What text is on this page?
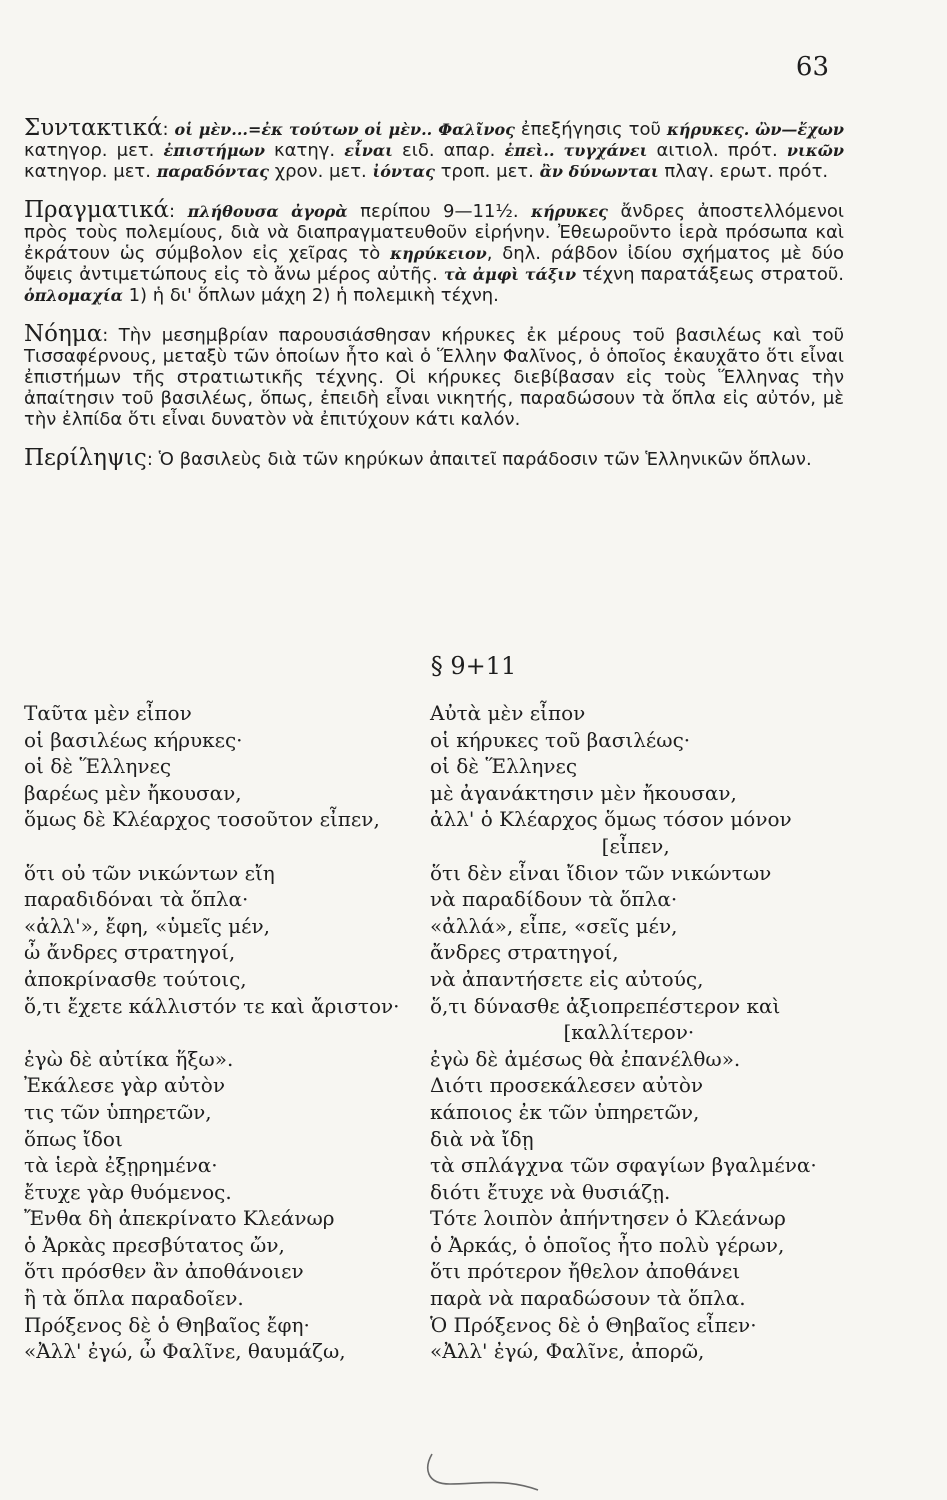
63

Συντακτικά: οἱ μὲν...=ἐκ τούτων οἱ μὲν.. Φαλῖνος ἐπεξήγησις τοῦ κήρυκες. ὢν—ἔχων κατηγορ. μετ. ἐπιστήμων κατηγ. εἶναι ειδ. απαρ. ἐπεὶ.. τυγχάνει αιτιολ. πρότ. νικῶν κατηγορ. μετ. παραδόντας χρον. μετ. ἰόντας τροπ. μετ. ἂν δύνωνται πλαγ. ερωτ. πρότ.

Πραγματικά: πλήθουσα ἀγορὰ περίπου 9—11½. κήρυκες ἄνδρες ἀποστελλόμενοι πρὸς τοὺς πολεμίους, διὰ νὰ διαπραγματευθοῦν εἰρήνην. Ἐθεωροῦντο ἱερὰ πρόσωπα καὶ ἐκράτουν ὡς σύμβολον εἰς χεῖρας τὸ κηρύκειον, δηλ. ράβδον ἰδίου σχήματος μὲ δύο ὄψεις ἀντιμετώπους εἰς τὸ ἄνω μέρος αὐτῆς. τὰ ἀμφὶ τάξιν τέχνη παρατάξεως στρατοῦ. ὁπλομαχία 1) ἡ δι' ὅπλων μάχη 2) ἡ πολεμικὴ τέχνη.

Νόημα: Τὴν μεσημβρίαν παρουσιάσθησαν κήρυκες ἐκ μέρους τοῦ βασιλέως καὶ τοῦ Τισσαφέρνους, μεταξὺ τῶν ὁποίων ἦτο καὶ ὁ Ἕλλην Φαλῖνος, ὁ ὁποῖος ἐκαυχᾶτο ὅτι εἶναι ἐπιστήμων τῆς στρατιωτικῆς τέχνης. Οἱ κήρυκες διεβίβασαν εἰς τοὺς Ἕλληνας τὴν ἀπαίτησιν τοῦ βασιλέως, ὅπως, ἐπειδὴ εἶναι νικητής, παραδώσουν τὰ ὅπλα εἰς αὐτόν, μὲ τὴν ἐλπίδα ὅτι εἶναι δυνατὸν νὰ ἐπιτύχουν κάτι καλόν.

Περίληψις: Ὁ βασιλεὺς διὰ τῶν κηρύκων ἀπαιτεῖ παράδοσιν τῶν Ἑλληνικῶν ὅπλων.

§ 9+11
Ταῦτα μὲν εἶπον
οἱ βασιλέως κήρυκες·
οἱ δὲ Ἕλληνες
βαρέως μὲν ἤκουσαν,
ὅμως δὲ Κλέαρχος τοσοῦτον εἶπεν,
ὅτι οὐ τῶν νικώντων εἴη
παραδιδόναι τὰ ὅπλα·
«ἀλλ'», ἔφη, «ὑμεῖς μέν,
ὦ ἄνδρες στρατηγοί,
ἀποκρίνασθε τούτοις,
ὅ,τι ἔχετε κάλλιστόν τε καὶ ἄριστον·
ἐγὼ δὲ αὐτίκα ἥξω».
Ἐκάλεσε γὰρ αὐτὸν
τις τῶν ὑπηρετῶν,
ὅπως ἴδοι
τὰ ἱερὰ ἐξῃρημένα·
ἔτυχε γὰρ θυόμενος.
Ἔνθα δὴ ἀπεκρίνατο Κλεάνωρ
ὁ Ἀρκὰς πρεσβύτατος ὤν,
ὅτι πρόσθεν ἂν ἀποθάνοιεν
ἢ τὰ ὅπλα παραδοῖεν.
Πρόξενος δὲ ὁ Θηβαῖος ἔφη·
«Ἀλλ' ἐγώ, ὦ Φαλῖνε, θαυμάζω,
Αὐτὰ μὲν εἶπον
οἱ κήρυκες τοῦ βασιλέως·
οἱ δὲ Ἕλληνες
μὲ ἀγανάκτησιν μὲν ἤκουσαν,
ἀλλ' ὁ Κλέαρχος ὅμως τόσον μόνον
[εἶπεν,
ὅτι δὲν εἶναι ἴδιον τῶν νικώντων
νὰ παραδίδουν τὰ ὅπλα·
«ἀλλά», εἶπε, «σεῖς μέν,
ἄνδρες στρατηγοί,
νὰ ἀπαντήσετε εἰς αὐτούς,
ὅ,τι δύνασθε ἀξιοπρεπέστερον καὶ
[καλλίτερον·
ἐγὼ δὲ ἀμέσως θὰ ἐπανέλθω».
Διότι προσεκάλεσεν αὐτὸν
κάποιος ἐκ τῶν ὑπηρετῶν,
διὰ νὰ ἴδῃ
τὰ σπλάγχνα τῶν σφαγίων βγαλμένα·
διότι ἔτυχε νὰ θυσιάζῃ.
Τότε λοιπὸν ἀπήντησεν ὁ Κλεάνωρ
ὁ Ἀρκάς, ὁ ὁποῖος ἦτο πολὺ γέρων,
ὅτι πρότερον ἤθελον ἀποθάνει
παρὰ νὰ παραδώσουν τὰ ὅπλα.
Ὁ Πρόξενος δὲ ὁ Θηβαῖος εἶπεν·
«Ἀλλ' ἐγώ, Φαλῖνε, ἀπορῶ,
